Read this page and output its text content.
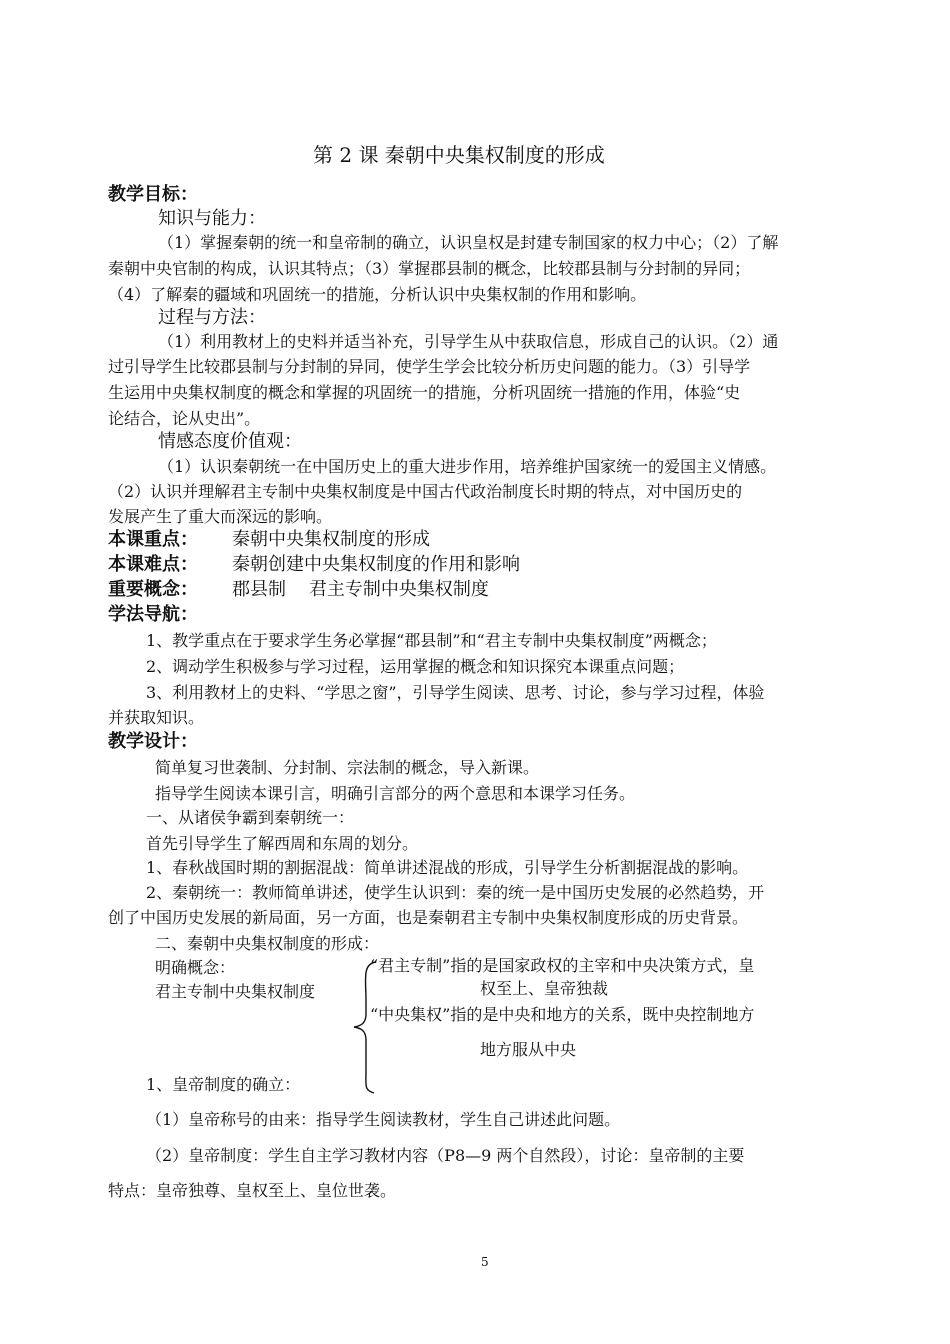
第 2 课 秦朝中央集权制度的形成
教学目标：
知识与能力：
（1）掌握秦朝的统一和皇帝制的确立，认识皇权是封建专制国家的权力中心；（2）了解
秦朝中央官制的构成，认识其特点；（3）掌握郡县制的概念，比较郡县制与分封制的异同；
（4）了解秦的疆域和巩固统一的措施，分析认识中央集权制的作用和影响。
过程与方法：
（1）利用教材上的史料并适当补充，引导学生从中获取信息，形成自己的认识。（2）通
过引导学生比较郡县制与分封制的异同，使学生学会比较分析历史问题的能力。（3）引导学
生运用中央集权制度的概念和掌握的巩固统一的措施，分析巩固统一措施的作用，体验“史
论结合，论从史出”。
情感态度价值观：
（1）认识秦朝统一在中国历史上的重大进步作用，培养维护国家统一的爱国主义情感。
（2）认识并理解君主专制中央集权制度是中国古代政治制度长时期的特点，对中国历史的
发展产生了重大而深远的影响。
本课重点： 秦朝中央集权制度的形成
本课难点： 秦朝创建中央集权制度的作用和影响
重要概念： 郡县制    君主专制中央集权制度
学法导航：
1、教学重点在于要求学生务必掌握“郡县制”和“君主专制中央集权制度”两概念；
2、调动学生积极参与学习过程，运用掌握的概念和知识探究本课重点问题；
3、利用教材上的史料、“学思之窗”，引导学生阅读、思考、讨论，参与学习过程，体验
并获取知识。
教学设计：
简单复习世袭制、分封制、宗法制的概念，导入新课。
指导学生阅读本课引言，明确引言部分的两个意思和本课学习任务。
一、从诸侯争霸到秦朝统一：
首先引导学生了解西周和东周的划分。
1、春秋战国时期的割据混战：简单讲述混战的形成，引导学生分析割据混战的影响。
2、秦朝统一：教师简单讲述，使学生认识到：秦的统一是中国历史发展的必然趋势，开
创了中国历史发展的新局面，另一方面，也是秦朝君主专制中央集权制度形成的历史背景。
二、秦朝中央集权制度的形成：
明确概念：
君主专制中央集权制度
“君主专制”指的是国家政权的主宰和中央决策方式，皇
权至上、皇帝独裁
“中央集权”指的是中央和地方的关系，既中央控制地方
地方服从中央
1、皇帝制度的确立：
（1）皇帝称号的由来：指导学生阅读教材，学生自己讲述此问题。
（2）皇帝制度：学生自主学习教材内容（P8—9 两个自然段），讨论：皇帝制的主要
特点：皇帝独尊、皇权至上、皇位世袭。
5
